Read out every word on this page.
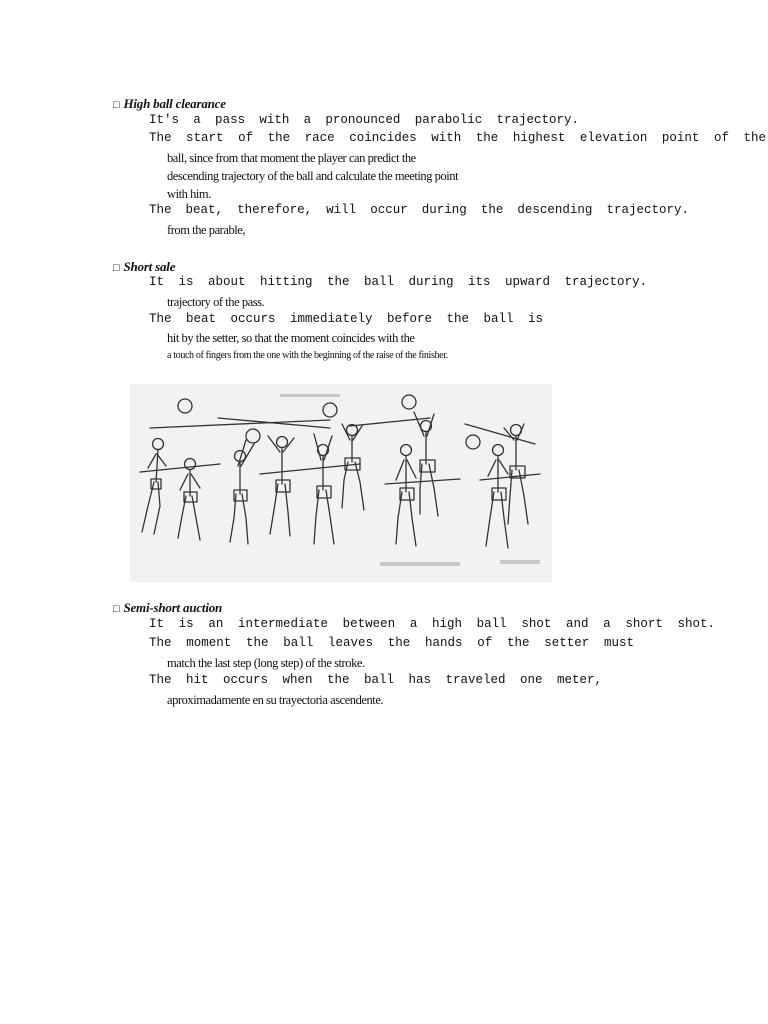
□ High ball clearance
It's a pass with a pronounced parabolic trajectory.
The start of the race coincides with the highest elevation point of the
ball, since from that moment the player can predict the
descending trajectory of the ball and calculate the meeting point
with him.
The beat, therefore, will occur during the descending trajectory.
from the parable,
□ Short sale
It is about hitting the ball during its upward trajectory.
trajectory of the pass.
The beat occurs immediately before the ball is
hit by the setter, so that the moment coincides with the
a touch of fingers from the one with the beginning of the raise of the finisher.
□ Semi-short auction
It is an intermediate between a high ball shot and a short shot.
The moment the ball leaves the hands of the setter must
match the last step (long step) of the stroke.
The hit occurs when the ball has traveled one meter,
aproximadamente en su trayectoria ascendente.
